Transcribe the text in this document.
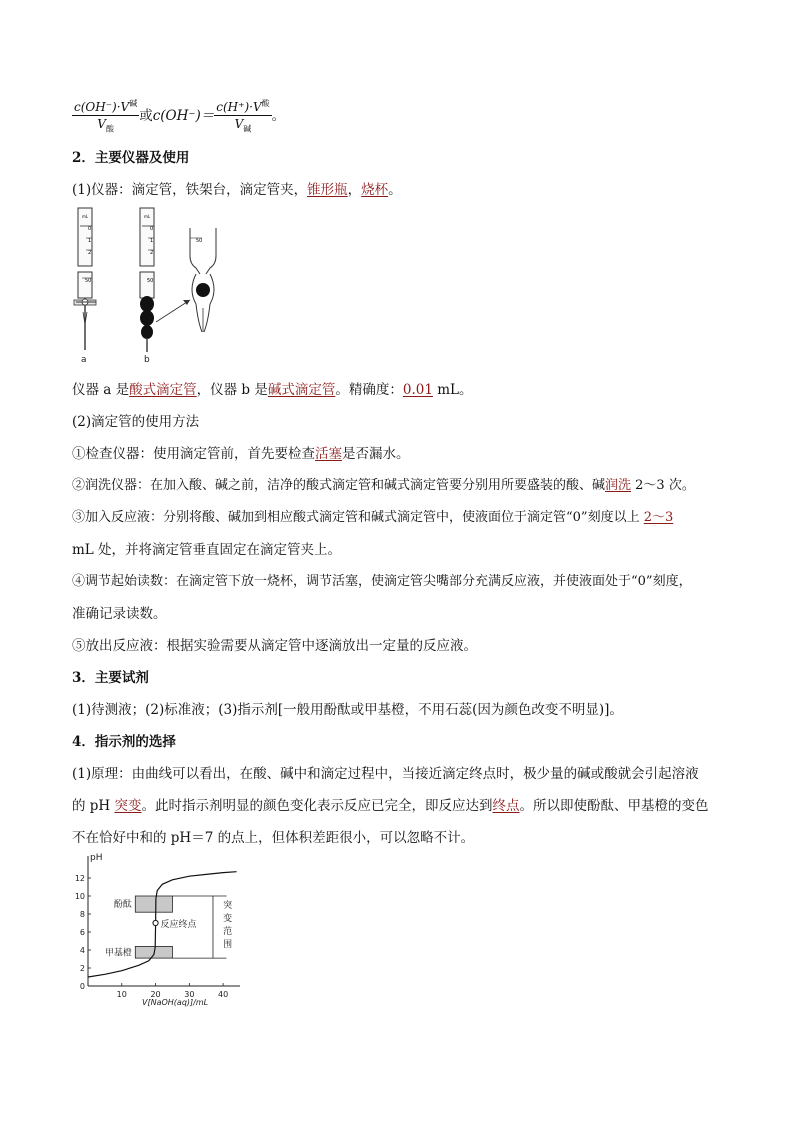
$\frac{c(OH^-)\cdot V^碱}{V_酸}$ 或$c(OH^-)= \frac{c(H^+)\cdot V^酸}{V_碱}$ 。
2．主要仪器及使用
(1)仪器：滴定管，铁架台，滴定管夹，锥形瓶，烧杯。
mL
0
1
2
50
a
mL
0
1
2
50
b
50
仪器 a 是酸式滴定管，仪器 b 是碱式滴定管。精确度：0.01 mL。
(2)滴定管的使用方法
①检查仪器：使用滴定管前，首先要检查活塞是否漏水。
②润洗仪器：在加入酸、碱之前，洁净的酸式滴定管和碱式滴定管要分别用所要盛装的酸、碱润洗 2～3 次。
③加入反应液：分别将酸、碱加到相应酸式滴定管和碱式滴定管中，使液面位于滴定管“0”刻度以上 2～3
mL 处，并将滴定管垂直固定在滴定管夹上。
④调节起始读数：在滴定管下放一烧杯，调节活塞，使滴定管尖嘴部分充满反应液，并使液面处于“0”刻度，
准确记录读数。
⑤放出反应液：根据实验需要从滴定管中逐滴放出一定量的反应液。
3．主要试剂
(1)待测液；(2)标准液；(3)指示剂[一般用酚酞或甲基橙，不用石蕊(因为颜色改变不明显)]。
4．指示剂的选择
(1)原理：由曲线可以看出，在酸、碱中和滴定过程中，当接近滴定终点时，极少量的碱或酸就会引起溶液
的 pH 突变。此时指示剂明显的颜色变化表示反应已完全，即反应达到终点。所以即使酚酞、甲基橙的变色
不在恰好中和的 pH＝7 的点上，但体积差距很小，可以忽略不计。
pH
V[NaOH(aq)]/mL
2
4
6
8
10
12
0
10	20	30	40
酚酞
甲基橙
突
变
范
围
反应终点
